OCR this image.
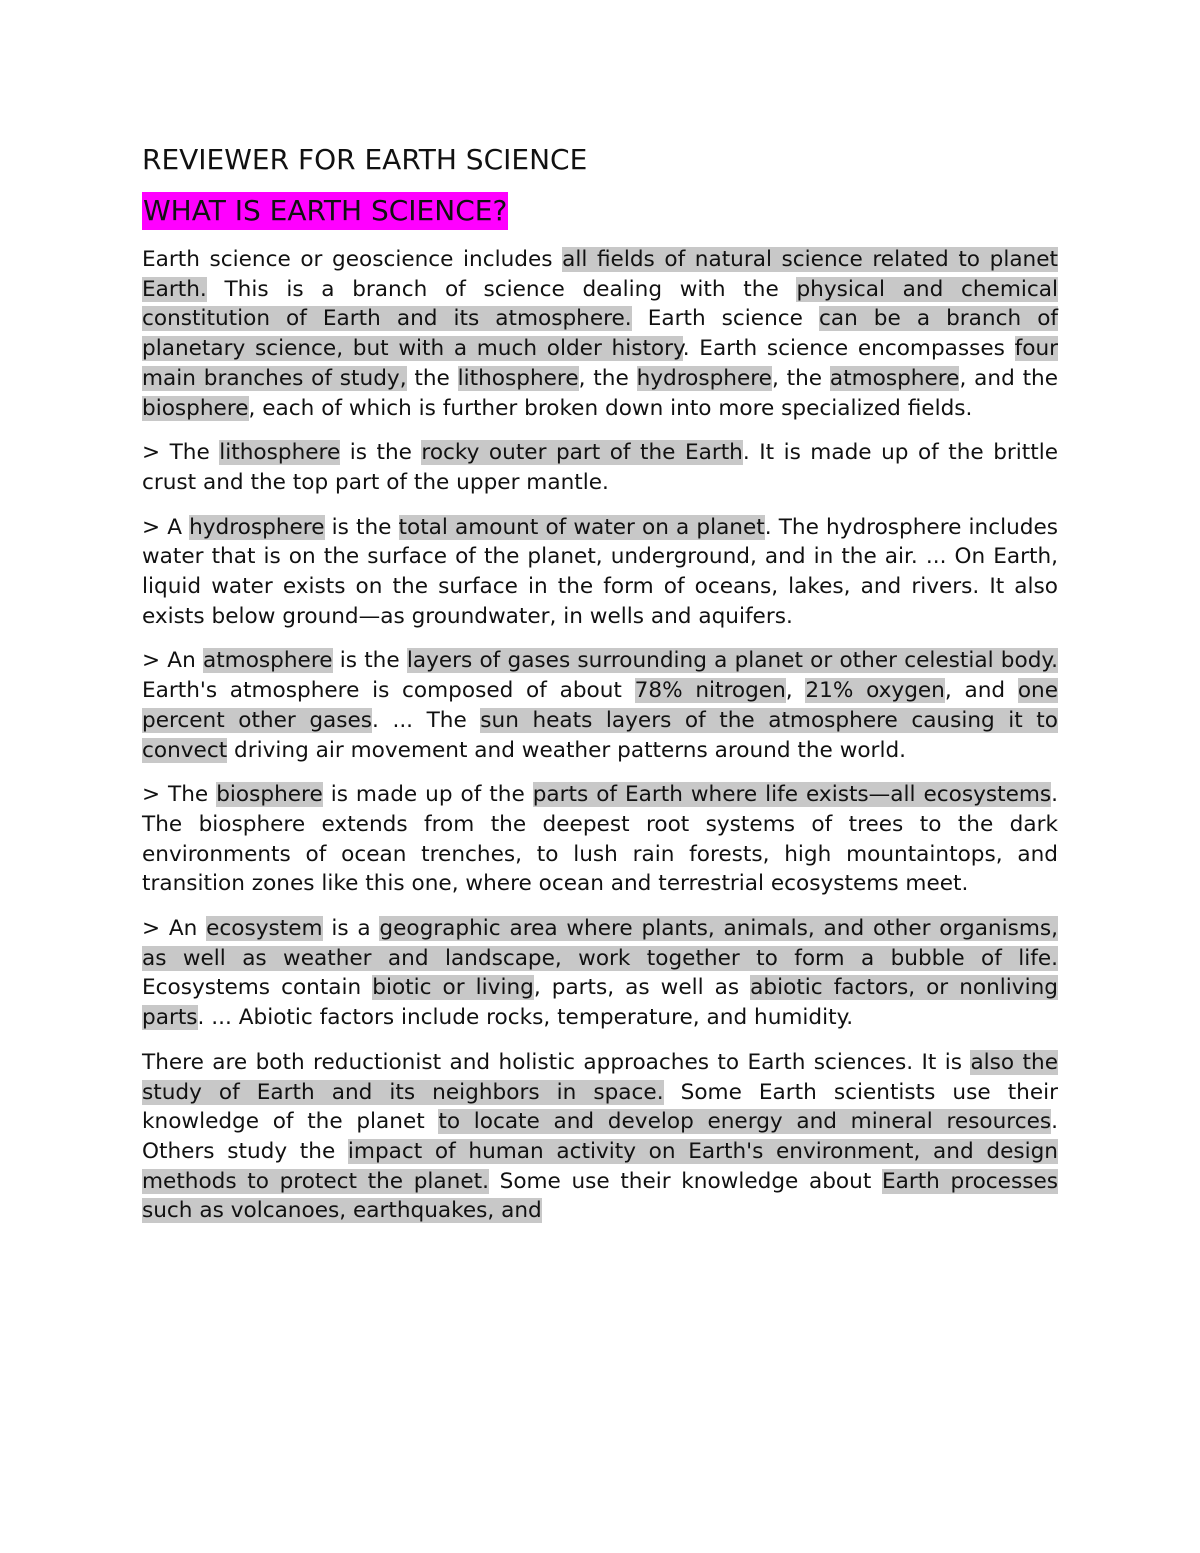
REVIEWER FOR EARTH SCIENCE
WHAT IS EARTH SCIENCE?
Earth science or geoscience includes all fields of natural science related to planet Earth. This is a branch of science dealing with the physical and chemical constitution of Earth and its atmosphere. Earth science can be a branch of planetary science, but with a much older history. Earth science encompasses four main branches of study, the lithosphere, the hydrosphere, the atmosphere, and the biosphere, each of which is further broken down into more specialized fields.
> The lithosphere is the rocky outer part of the Earth. It is made up of the brittle crust and the top part of the upper mantle.
> A hydrosphere is the total amount of water on a planet. The hydrosphere includes water that is on the surface of the planet, underground, and in the air. ... On Earth, liquid water exists on the surface in the form of oceans, lakes, and rivers. It also exists below ground—as groundwater, in wells and aquifers.
> An atmosphere is the layers of gases surrounding a planet or other celestial body. Earth's atmosphere is composed of about 78% nitrogen, 21% oxygen, and one percent other gases. ... The sun heats layers of the atmosphere causing it to convect driving air movement and weather patterns around the world.
> The biosphere is made up of the parts of Earth where life exists—all ecosystems. The biosphere extends from the deepest root systems of trees to the dark environments of ocean trenches, to lush rain forests, high mountaintops, and transition zones like this one, where ocean and terrestrial ecosystems meet.
> An ecosystem is a geographic area where plants, animals, and other organisms, as well as weather and landscape, work together to form a bubble of life. Ecosystems contain biotic or living, parts, as well as abiotic factors, or nonliving parts. ... Abiotic factors include rocks, temperature, and humidity.
There are both reductionist and holistic approaches to Earth sciences. It is also the study of Earth and its neighbors in space. Some Earth scientists use their knowledge of the planet to locate and develop energy and mineral resources. Others study the impact of human activity on Earth's environment, and design methods to protect the planet. Some use their knowledge about Earth processes such as volcanoes, earthquakes, and
